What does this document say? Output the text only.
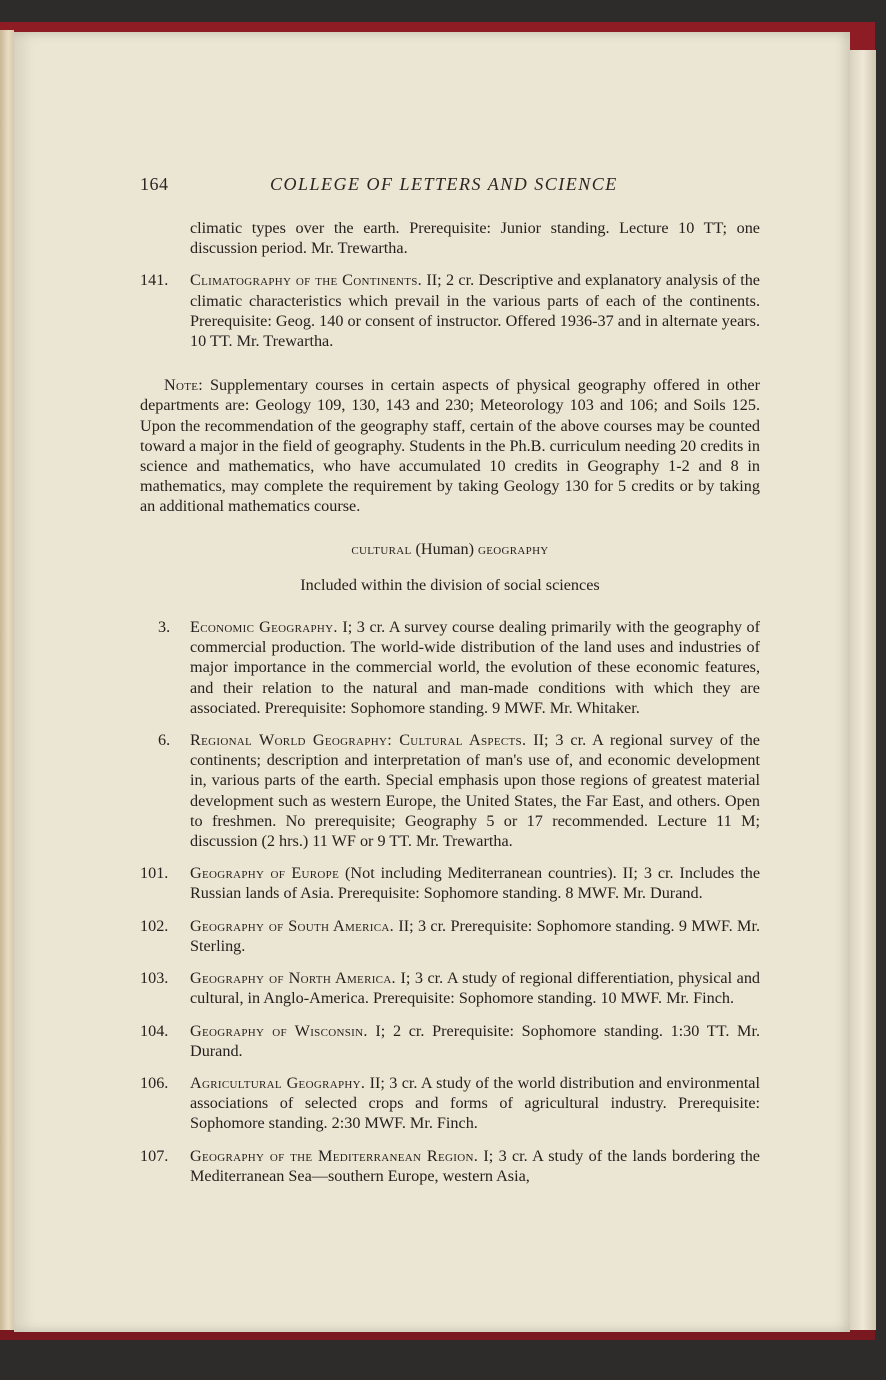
164	COLLEGE OF LETTERS AND SCIENCE
climatic types over the earth. Prerequisite: Junior standing. Lecture 10 TT; one discussion period. Mr. Trewartha.
141.	Climatography of the Continents. II; 2 cr. Descriptive and explanatory analysis of the climatic characteristics which prevail in the various parts of each of the continents. Prerequisite: Geog. 140 or consent of instructor. Offered 1936-37 and in alternate years. 10 TT. Mr. Trewartha.
Note: Supplementary courses in certain aspects of physical geography offered in other departments are: Geology 109, 130, 143 and 230; Meteorology 103 and 106; and Soils 125. Upon the recommendation of the geography staff, certain of the above courses may be counted toward a major in the field of geography. Students in the Ph.B. curriculum needing 20 credits in science and mathematics, who have accumulated 10 credits in Geography 1-2 and 8 in mathematics, may complete the requirement by taking Geology 130 for 5 credits or by taking an additional mathematics course.
cultural (Human) geography
Included within the division of social sciences
3.	Economic Geography. I; 3 cr. A survey course dealing primarily with the geography of commercial production. The world-wide distribution of the land uses and industries of major importance in the commercial world, the evolution of these economic features, and their relation to the natural and man-made conditions with which they are associated. Prerequisite: Sophomore standing. 9 MWF. Mr. Whitaker.
6.	Regional World Geography: Cultural Aspects. II; 3 cr. A regional survey of the continents; description and interpretation of man's use of, and economic development in, various parts of the earth. Special emphasis upon those regions of greatest material development such as western Europe, the United States, the Far East, and others. Open to freshmen. No prerequisite; Geography 5 or 17 recommended. Lecture 11 M; discussion (2 hrs.) 11 WF or 9 TT. Mr. Trewartha.
101.	Geography of Europe (Not including Mediterranean countries). II; 3 cr. Includes the Russian lands of Asia. Prerequisite: Sophomore standing. 8 MWF. Mr. Durand.
102.	Geography of South America. II; 3 cr. Prerequisite: Sophomore standing. 9 MWF. Mr. Sterling.
103.	Geography of North America. I; 3 cr. A study of regional differentiation, physical and cultural, in Anglo-America. Prerequisite: Sophomore standing. 10 MWF. Mr. Finch.
104.	Geography of Wisconsin. I; 2 cr. Prerequisite: Sophomore standing. 1:30 TT. Mr. Durand.
106.	Agricultural Geography. II; 3 cr. A study of the world distribution and environmental associations of selected crops and forms of agricultural industry. Prerequisite: Sophomore standing. 2:30 MWF. Mr. Finch.
107.	Geography of the Mediterranean Region. I; 3 cr. A study of the lands bordering the Mediterranean Sea—southern Europe, western Asia,
